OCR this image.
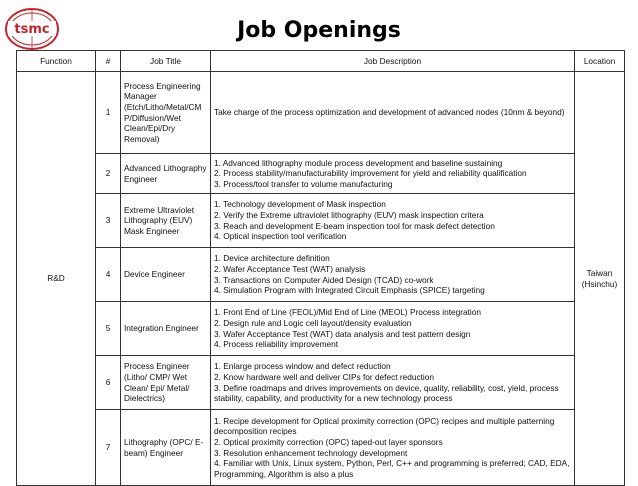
tsmc	Job Openings
Function	#	Job Title	Job Description	Location
R&D	1	Process Engineering Manager (Etch/Litho/Metal/CM P/Diffusion/Wet Clean/Epi/Dry Removal)	Take charge of the process optimization and development of advanced nodes (10nm & beyond)	Taiwan
(Hsinchu)

	2	Advanced Lithography Engineer	1. Advanced lithography module process development and baseline sustaining
2. Process stability/manufacturability improvement for yield and reliability qualification
3. Process/tool transfer to volume manufacturing	

	3	Extreme Ultraviolet Lithography (EUV) Mask Engineer	1. Technology development of Mask inspection
2. Verify the Extreme ultraviolet lithography (EUV) mask inspection critera
3. Reach and development E-beam inspection tool for mask defect detection
4. Optical inspection tool verification	

	4	Device Engineer	1. Device architecture definition
2. Wafer Acceptance Test (WAT) analysis
3. Transactions on Computer Aided Design (TCAD) co-work
4. Simulation Program with Integrated Circuit Emphasis (SPICE) targeting	

	5	Integration Engineer	1. Front End of Line (FEOL)/Mid End of Line (MEOL) Process integration
2. Design rule and Logic cell layout/density evaluation
3. Wafer Acceptance Test (WAT) data analysis and test pattern design
4. Process reliability improvement	

	6	Process Engineer (Litho/ CMP/ Wet Clean/ Epi/ Metal/ Dielectrics)	1. Enlarge process window and defect reduction
2. Know hardware well and deliver CIPs for defect reduction
3. Define roadmaps and drives improvements on device, quality, reliability, cost, yield, process stability, capability, and productivity for a new technology process	

	7	Lithography (OPC/ E-beam) Engineer	1. Recipe development for Optical proximity correction (OPC) recipes and multiple patterning decomposition recipes
2. Optical proximity correction (OPC) taped-out layer sponsors
3. Resolution enhancement technology development
4. Familiar with Unix, Linux system, Python, Perl, C++ and programming is preferred; CAD, EDA, Programming, Algorithm is also a plus	
